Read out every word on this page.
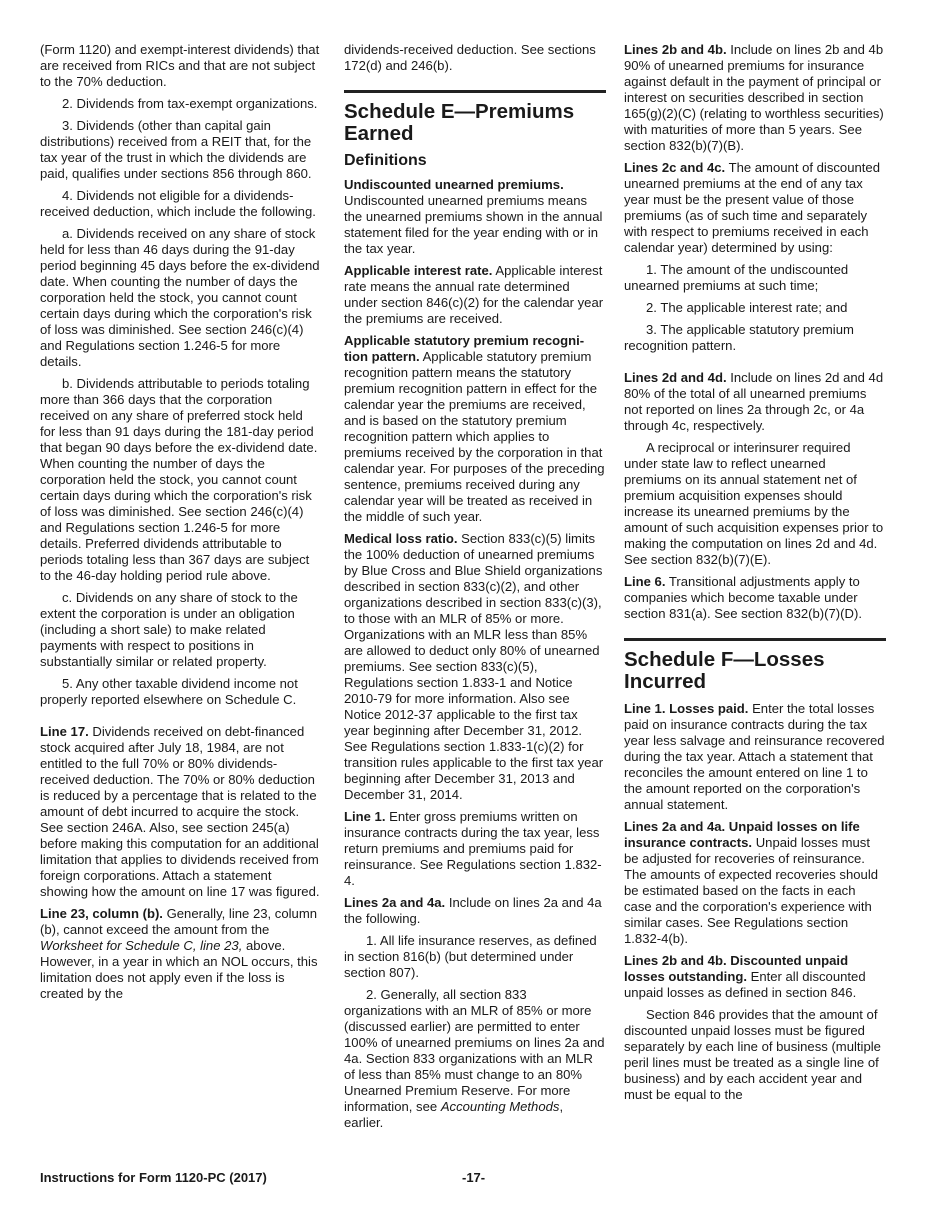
(Form 1120) and exempt-interest dividends) that are received from RICs and that are not subject to the 70% deduction.

2. Dividends from tax-exempt organizations.

3. Dividends (other than capital gain distributions) received from a REIT that, for the tax year of the trust in which the dividends are paid, qualifies under sections 856 through 860.

4. Dividends not eligible for a dividends-received deduction, which include the following.

a. Dividends received on any share of stock held for less than 46 days during the 91-day period beginning 45 days before the ex-dividend date. When counting the number of days the corporation held the stock, you cannot count certain days during which the corporation's risk of loss was diminished. See section 246(c)(4) and Regulations section 1.246-5 for more details.

b. Dividends attributable to periods totaling more than 366 days that the corporation received on any share of preferred stock held for less than 91 days during the 181-day period that began 90 days before the ex-dividend date. When counting the number of days the corporation held the stock, you cannot count certain days during which the corporation's risk of loss was diminished. See section 246(c)(4) and Regulations section 1.246-5 for more details. Preferred dividends attributable to periods totaling less than 367 days are subject to the 46-day holding period rule above.

c. Dividends on any share of stock to the extent the corporation is under an obligation (including a short sale) to make related payments with respect to positions in substantially similar or related property.

5. Any other taxable dividend income not properly reported elsewhere on Schedule C.

Line 17. Dividends received on debt-financed stock acquired after July 18, 1984, are not entitled to the full 70% or 80% dividends-received deduction. The 70% or 80% deduction is reduced by a percentage that is related to the amount of debt incurred to acquire the stock. See section 246A. Also, see section 245(a) before making this computation for an additional limitation that applies to dividends received from foreign corporations. Attach a statement showing how the amount on line 17 was figured.

Line 23, column (b). Generally, line 23, column (b), cannot exceed the amount from the Worksheet for Schedule C, line 23, above. However, in a year in which an NOL occurs, this limitation does not apply even if the loss is created by the

dividends-received deduction. See sections 172(d) and 246(b).

Schedule E—Premiums Earned
Definitions

Undiscounted unearned premiums. Undiscounted unearned premiums means the unearned premiums shown in the annual statement filed for the year ending with or in the tax year.

Applicable interest rate. Applicable interest rate means the annual rate determined under section 846(c)(2) for the calendar year the premiums are received.

Applicable statutory premium recogni- tion pattern. Applicable statutory premium recognition pattern means the statutory premium recognition pattern in effect for the calendar year the premiums are received, and is based on the statutory premium recognition pattern which applies to premiums received by the corporation in that calendar year. For purposes of the preceding sentence, premiums received during any calendar year will be treated as received in the middle of such year.

Medical loss ratio. Section 833(c)(5) limits the 100% deduction of unearned premiums by Blue Cross and Blue Shield organizations described in section 833(c)(2), and other organizations described in section 833(c)(3), to those with an MLR of 85% or more. Organizations with an MLR less than 85% are allowed to deduct only 80% of unearned premiums. See section 833(c)(5), Regulations section 1.833-1 and Notice 2010-79 for more information. Also see Notice 2012-37 applicable to the first tax year beginning after December 31, 2012. See Regulations section 1.833-1(c)(2) for transition rules applicable to the first tax year beginning after December 31, 2013 and December 31, 2014.

Line 1. Enter gross premiums written on insurance contracts during the tax year, less return premiums and premiums paid for reinsurance. See Regulations section 1.832-4.

Lines 2a and 4a. Include on lines 2a and 4a the following.

1. All life insurance reserves, as defined in section 816(b) (but determined under section 807).

2. Generally, all section 833 organizations with an MLR of 85% or more (discussed earlier) are permitted to enter 100% of unearned premiums on lines 2a and 4a. Section 833 organizations with an MLR of less than 85% must change to an 80% Unearned Premium Reserve. For more information, see Accounting Methods, earlier.

Lines 2b and 4b. Include on lines 2b and 4b 90% of unearned premiums for insurance against default in the payment of principal or interest on securities described in section 165(g)(2)(C) (relating to worthless securities) with maturities of more than 5 years. See section 832(b)(7)(B).

Lines 2c and 4c. The amount of discounted unearned premiums at the end of any tax year must be the present value of those premiums (as of such time and separately with respect to premiums received in each calendar year) determined by using:

1. The amount of the undiscounted unearned premiums at such time;

2. The applicable interest rate; and

3. The applicable statutory premium recognition pattern.

Lines 2d and 4d. Include on lines 2d and 4d 80% of the total of all unearned premiums not reported on lines 2a through 2c, or 4a through 4c, respectively.

A reciprocal or interinsurer required under state law to reflect unearned premiums on its annual statement net of premium acquisition expenses should increase its unearned premiums by the amount of such acquisition expenses prior to making the computation on lines 2d and 4d. See section 832(b)(7)(E).

Line 6. Transitional adjustments apply to companies which become taxable under section 831(a). See section 832(b)(7)(D).

Schedule F—Losses Incurred

Line 1. Losses paid. Enter the total losses paid on insurance contracts during the tax year less salvage and reinsurance recovered during the tax year. Attach a statement that reconciles the amount entered on line 1 to the amount reported on the corporation's annual statement.

Lines 2a and 4a. Unpaid losses on life insurance contracts. Unpaid losses must be adjusted for recoveries of reinsurance. The amounts of expected recoveries should be estimated based on the facts in each case and the corporation's experience with similar cases. See Regulations section 1.832-4(b).

Lines 2b and 4b. Discounted unpaid losses outstanding. Enter all discounted unpaid losses as defined in section 846.

Section 846 provides that the amount of discounted unpaid losses must be figured separately by each line of business (multiple peril lines must be treated as a single line of business) and by each accident year and must be equal to the

Instructions for Form 1120-PC (2017)	-17-
